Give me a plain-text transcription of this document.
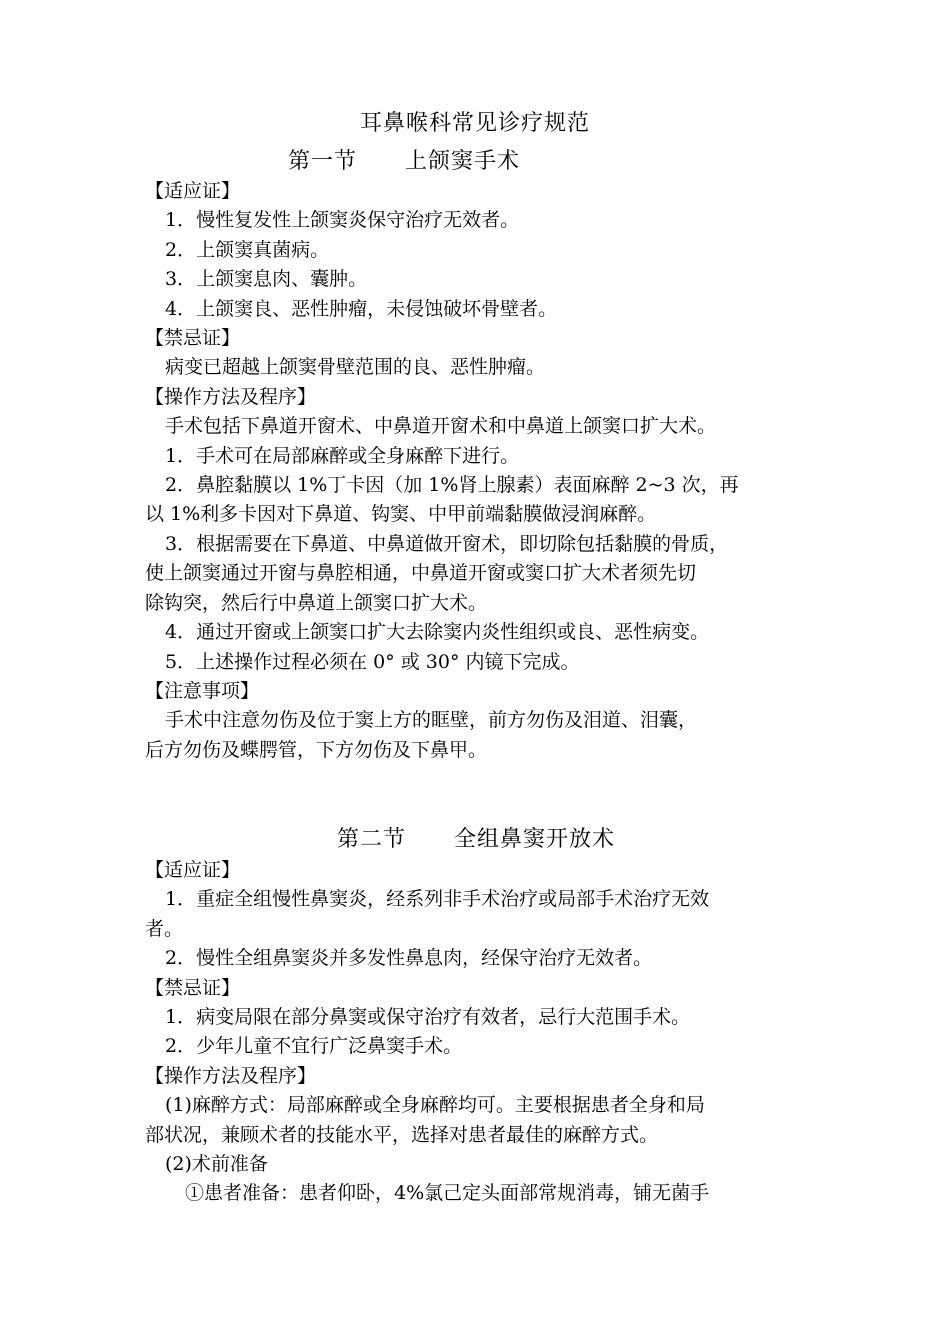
耳鼻喉科常见诊疗规范
第一节 上颌窦手术
【适应证】
1．慢性复发性上颌窦炎保守治疗无效者。
2．上颌窦真菌病。
3．上颌窦息肉、囊肿。
4．上颌窦良、恶性肿瘤，未侵蚀破坏骨壁者。
【禁忌证】
病变已超越上颌窦骨壁范围的良、恶性肿瘤。
【操作方法及程序】
手术包括下鼻道开窗术、中鼻道开窗术和中鼻道上颌窦口扩大术。
1．手术可在局部麻醉或全身麻醉下进行。
2．鼻腔黏膜以 1%丁卡因（加 1%肾上腺素）表面麻醉 2~3 次，再
以 1%利多卡因对下鼻道、钩窦、中甲前端黏膜做浸润麻醉。
3．根据需要在下鼻道、中鼻道做开窗术，即切除包括黏膜的骨质，
使上颌窦通过开窗与鼻腔相通，中鼻道开窗或窦口扩大术者须先切
除钩突，然后行中鼻道上颌窦口扩大术。
4．通过开窗或上颌窦口扩大去除窦内炎性组织或良、恶性病变。
5．上述操作过程必须在 0° 或 30° 内镜下完成。
【注意事项】
手术中注意勿伤及位于窦上方的眶壁，前方勿伤及泪道、泪囊，
后方勿伤及蝶腭管，下方勿伤及下鼻甲。
第二节 全组鼻窦开放术
【适应证】
1．重症全组慢性鼻窦炎，经系列非手术治疗或局部手术治疗无效
者。
2．慢性全组鼻窦炎并多发性鼻息肉，经保守治疗无效者。
【禁忌证】
1．病变局限在部分鼻窦或保守治疗有效者，忌行大范围手术。
2．少年儿童不宜行广泛鼻窦手术。
【操作方法及程序】
(1)麻醉方式：局部麻醉或全身麻醉均可。主要根据患者全身和局
部状况，兼顾术者的技能水平，选择对患者最佳的麻醉方式。
(2)术前准备
①患者准备：患者仰卧，4%氯己定头面部常规消毒，铺无菌手
